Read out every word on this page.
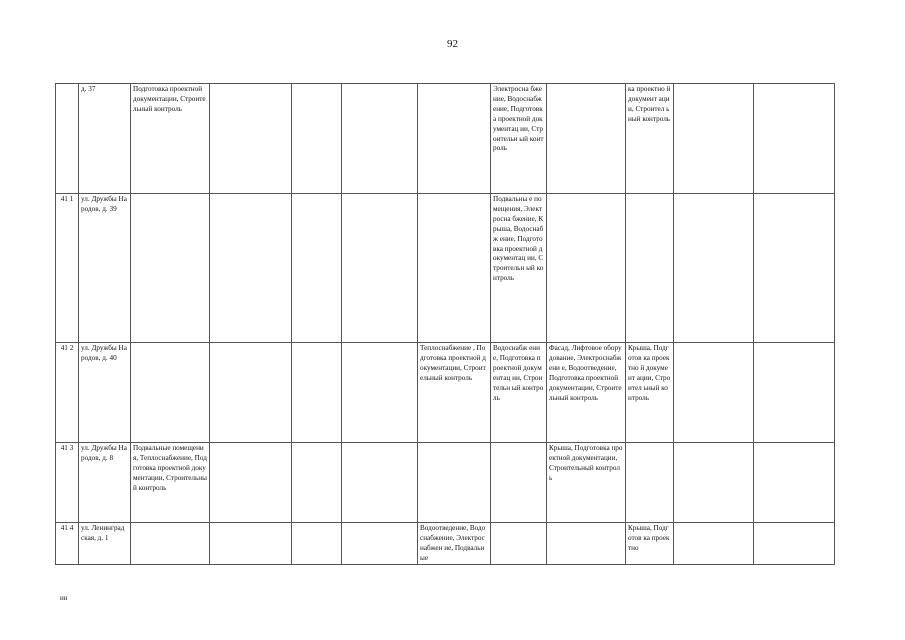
92
	д. 37	Подготовка проектной документации, Строительный контроль					Электросна бжение, Водоснабж ение, Подготовка проектной документац ии, Строительн ый контроль		ка проектно й документ ации, Строител ьный контроль		
41 1	ул. Дружбы Народов, д. 39						Подвальны е помещения, Электросна бжение, Крыша, Водоснабж ение, Подготовка проектной документац ии, Строительн ый контроль				
41 2	ул. Дружбы Народов, д. 40					Теплоснабжение , Подготовка проектной документации, Строительный контроль	Водоснабж ение, Подготовка проектной документац ии, Строительн ый контроль	Фасад, Лифтовое оборудование, Электроснабжени е, Водоотведение, Подготовка проектной документации, Строительный контроль	Крыша, Подготов ка проектно й документ ации, Строител ьный контроль		
41 3	ул. Дружбы Народов, д. 8	Подвальные помещения, Теплоснабжение, Подготовка проектной документации, Строительный контроль						Крыша, Подготовка проектной документации, Строительный контроль			
41 4	ул. Ленинград ская, д. 1					Водоотведение, Водоснабжение, Электроснабжен ие, Подвальные			Крыша, Подготов ка проектно		
нн
